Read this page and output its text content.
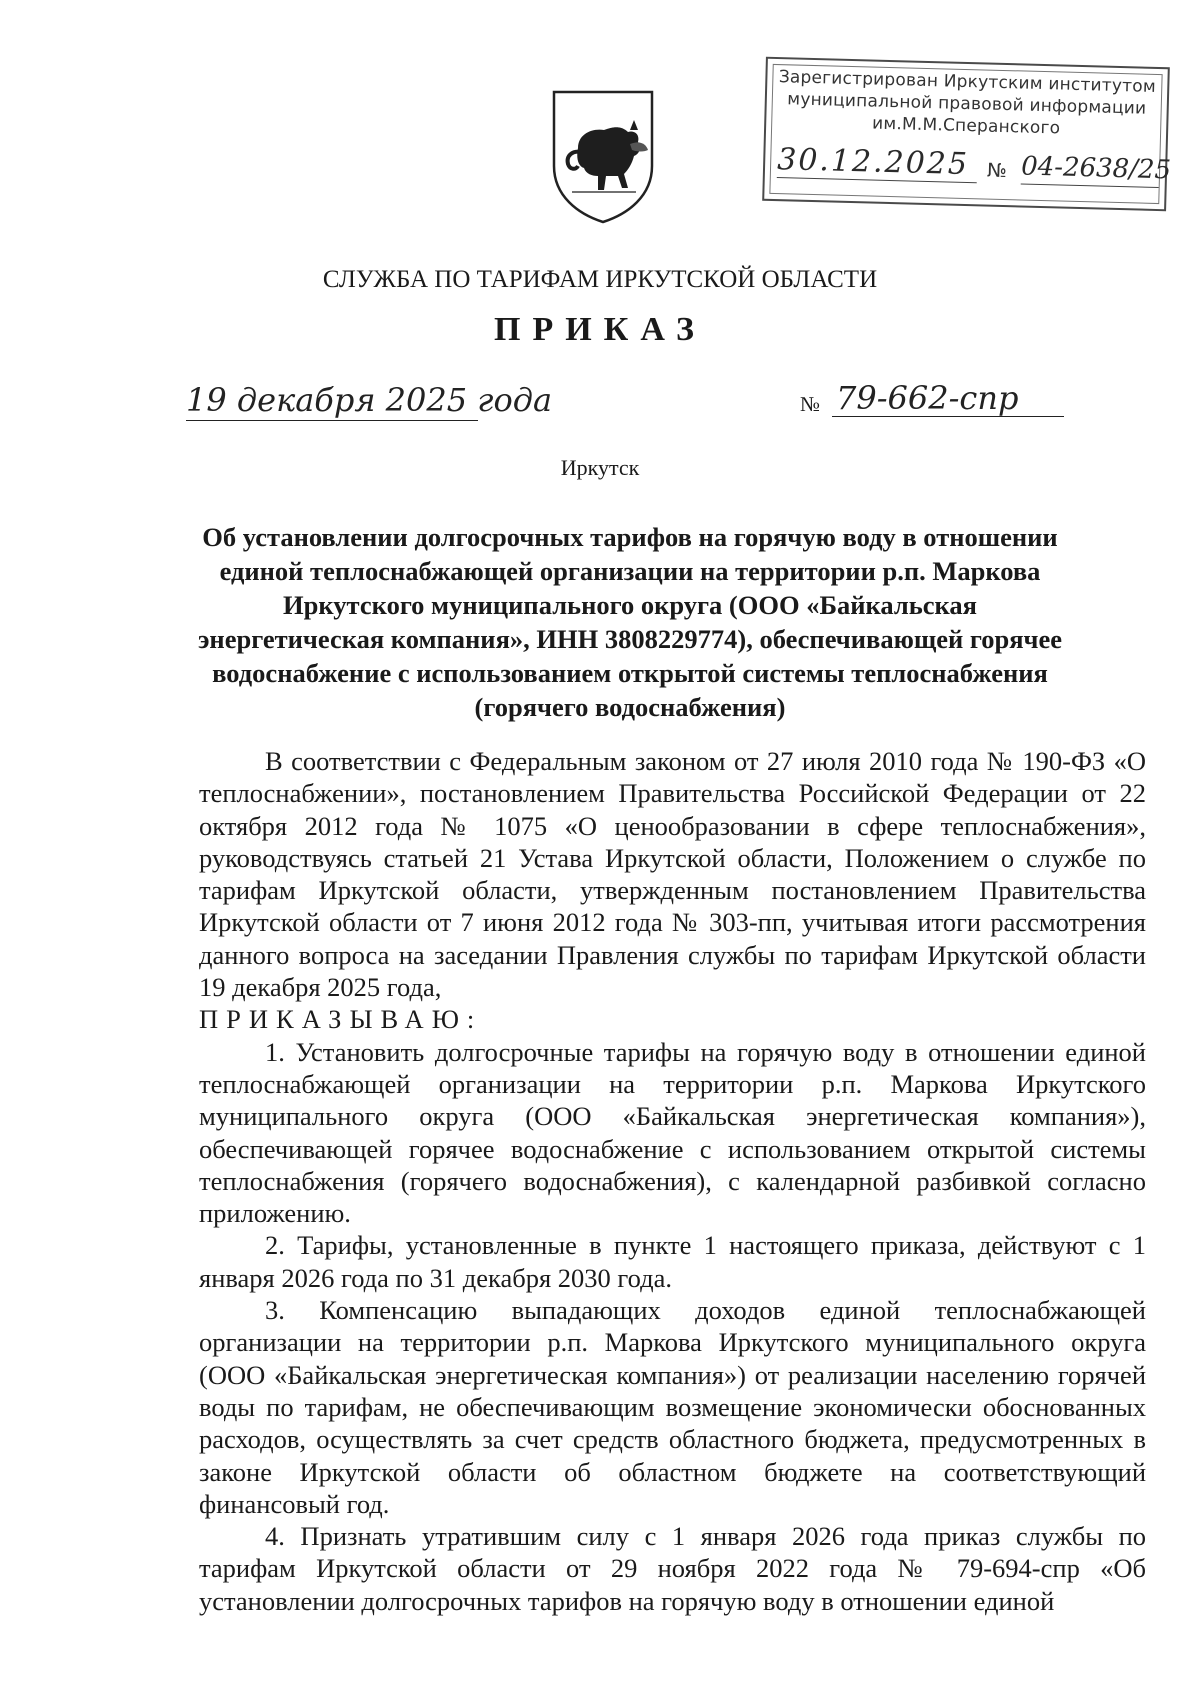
Зарегистрирован Иркутским институтом
муниципальной правовой информации
им.М.М.Сперанского
30.12.2025 № 04-2638/25
СЛУЖБА ПО ТАРИФАМ ИРКУТСКОЙ ОБЛАСТИ
ПРИКАЗ
19 декабря 2025 года	№ 79-662-спр
Иркутск
Об установлении долгосрочных тарифов на горячую воду в отношении единой теплоснабжающей организации на территории р.п. Маркова Иркутского муниципального округа (ООО «Байкальская энергетическая компания», ИНН 3808229774), обеспечивающей горячее водоснабжение с использованием открытой системы теплоснабжения (горячего водоснабжения)

В соответствии с Федеральным законом от 27 июля 2010 года № 190-ФЗ «О теплоснабжении», постановлением Правительства Российской Федерации от 22 октября 2012 года № 1075 «О ценообразовании в сфере теплоснабжения», руководствуясь статьей 21 Устава Иркутской области, Положением о службе по тарифам Иркутской области, утвержденным постановлением Правительства Иркутской области от 7 июня 2012 года № 303-пп, учитывая итоги рассмотрения данного вопроса на заседании Правления службы по тарифам Иркутской области 19 декабря 2025 года,

ПРИКАЗЫВАЮ:

1. Установить долгосрочные тарифы на горячую воду в отношении единой теплоснабжающей организации на территории р.п. Маркова Иркутского муниципального округа (ООО «Байкальская энергетическая компания»), обеспечивающей горячее водоснабжение с использованием открытой системы теплоснабжения (горячего водоснабжения), с календарной разбивкой согласно приложению.

2. Тарифы, установленные в пункте 1 настоящего приказа, действуют с 1 января 2026 года по 31 декабря 2030 года.

3. Компенсацию выпадающих доходов единой теплоснабжающей организации на территории р.п. Маркова Иркутского муниципального округа (ООО «Байкальская энергетическая компания») от реализации населению горячей воды по тарифам, не обеспечивающим возмещение экономически обоснованных расходов, осуществлять за счет средств областного бюджета, предусмотренных в законе Иркутской области об областном бюджете на соответствующий финансовый год.

4. Признать утратившим силу с 1 января 2026 года приказ службы по тарифам Иркутской области от 29 ноября 2022 года № 79-694-спр «Об установлении долгосрочных тарифов на горячую воду в отношении единой
